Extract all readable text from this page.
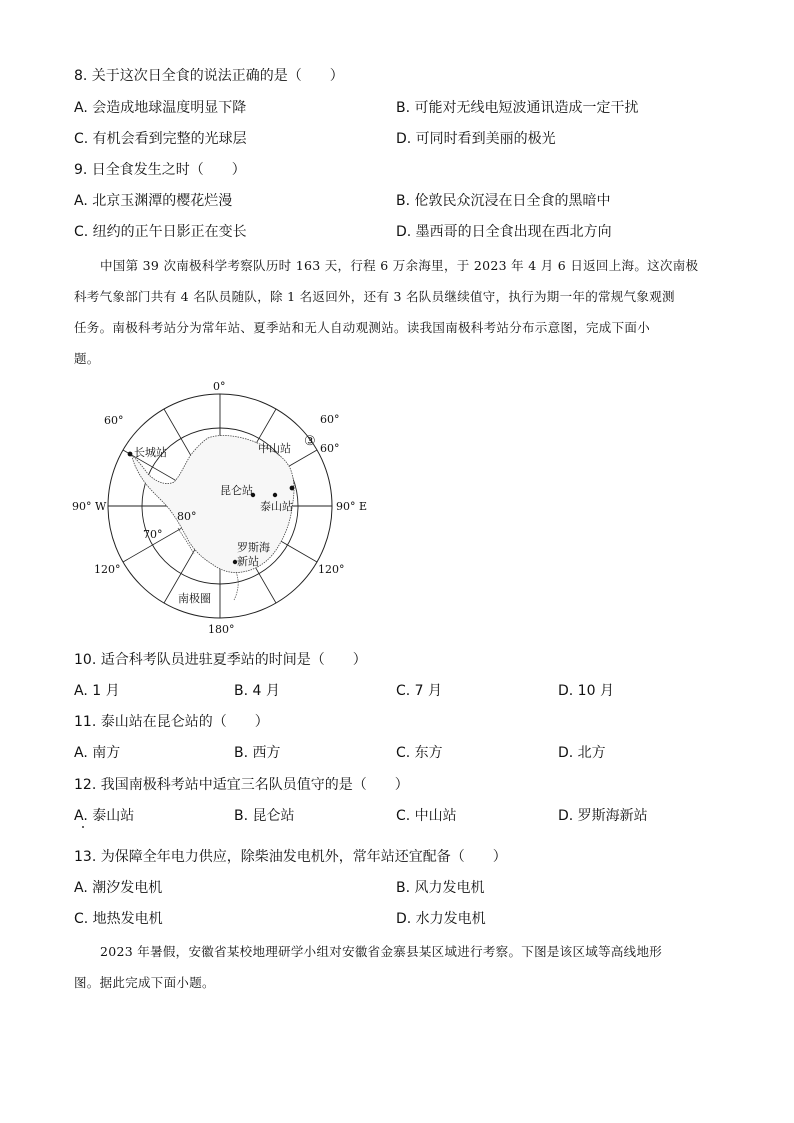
8. 关于这次日全食的说法正确的是（　　）
A. 会造成地球温度明显下降	B. 可能对无线电短波通讯造成一定干扰
C. 有机会看到完整的光球层	D. 可同时看到美丽的极光
9. 日全食发生之时（　　）
A. 北京玉渊潭的樱花烂漫	B. 伦敦民众沉浸在日全食的黑暗中
C. 纽约的正午日影正在变长	D. 墨西哥的日全食出现在西北方向
中国第 39 次南极科学考察队历时 163 天，行程 6 万余海里，于 2023 年 4 月 6 日返回上海。这次南极
科考气象部门共有 4 名队员随队，除 1 名返回外，还有 3 名队员继续值守，执行为期一年的常规气象观测
任务。南极科考站分为常年站、夏季站和无人自动观测站。读我国南极科考站分布示意图，完成下面小
题。
0°
180°
90° W	90° E
60°	60°
60°
70°
80°
120°	120°
③
长城站	中山站
昆仑站
泰山站
罗斯海
新站
南极圈
10. 适合科考队员进驻夏季站的时间是（　　）
A. 1 月	B. 4 月	C. 7 月	D. 10 月
11. 泰山站在昆仑站的（　　）
A. 南方	B. 西方	C. 东方	D. 北方
12. 我国南极科考站中适宜三名队员值守的是（　　）
A. 泰山站	B. 昆仑站	C. 中山站	D. 罗斯海新站
13. 为保障全年电力供应，除柴油发电机外，常年站还宜配备（　　）
A. 潮汐发电机	B. 风力发电机
C. 地热发电机	D. 水力发电机
2023 年暑假，安徽省某校地理研学小组对安徽省金寨县某区域进行考察。下图是该区域等高线地形
图。据此完成下面小题。
